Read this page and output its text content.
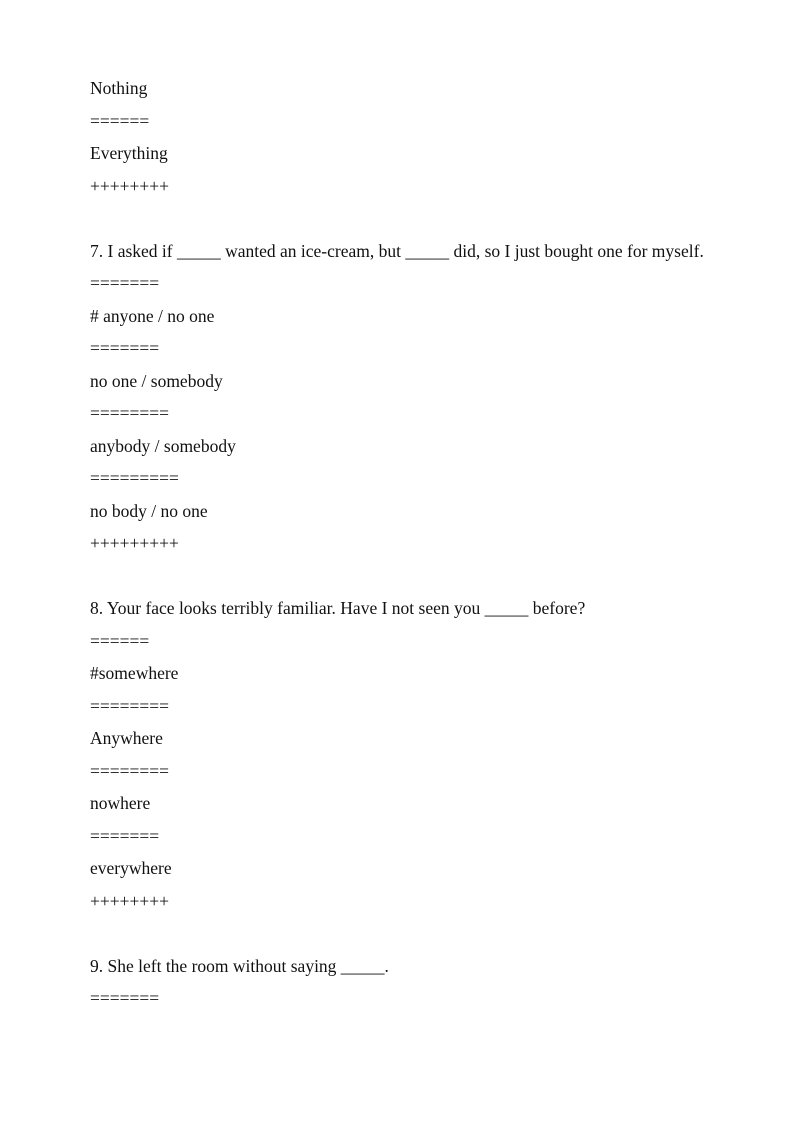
Nothing
======
Everything
++++++++
7. I asked if _____ wanted an ice-cream, but _____ did, so I just bought one for myself.
=======
# anyone / no one
=======
no one / somebody
========
anybody / somebody
=========
no body / no one
+++++++++
8. Your face looks terribly familiar. Have I not seen you _____ before?
======
#somewhere
========
Anywhere
========
nowhere
=======
everywhere
++++++++
9. She left the room without saying _____.
=======
